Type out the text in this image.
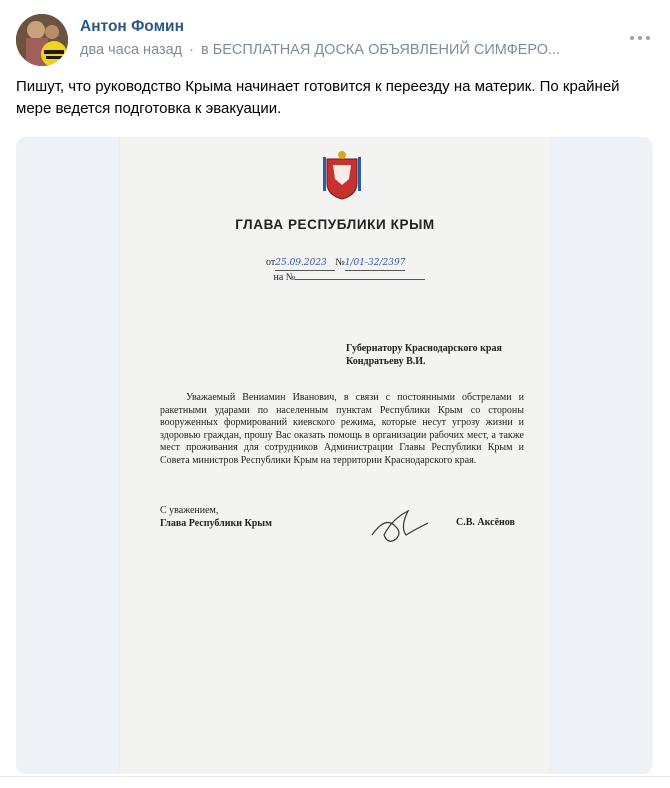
Антон Фомин
два часа назад · в БЕСПЛАТНАЯ ДОСКА ОБЪЯВЛЕНИЙ СИМФЕРО...
Пишут, что руководство Крыма начинает готовится к переезду на материк. По крайней мере ведется подготовка к эвакуации.
ГЛАВА РЕСПУБЛИКИ КРЫМ
от25.09.2023 №1/01-32/2397
на №
Губернатору Краснодарского края
Кондратьеву В.И.
Уважаемый Вениамин Иванович, в связи с постоянными обстрелами и ракетными ударами по населенным пунктам Республики Крым со стороны вооруженных формирований киевского режима, которые несут угрозу жизни и здоровью граждан, прошу Вас оказать помощь в организации рабочих мест, а также мест проживания для сотрудников Администрации Главы Республики Крым и Совета министров Республики Крым на территории Краснодарского края.
С уважением,
Глава Республики Крым	С.В. Аксёнов
